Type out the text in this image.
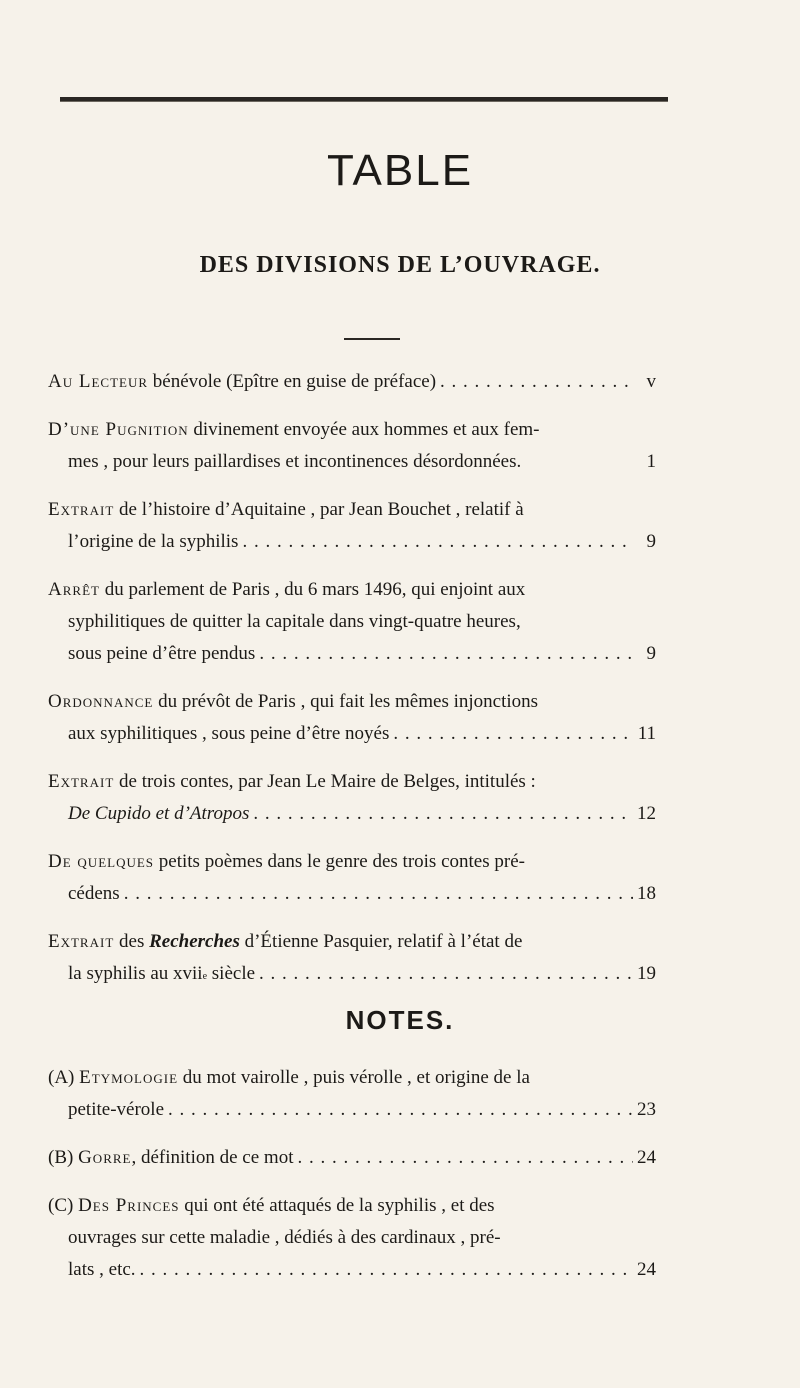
TABLE
DES DIVISIONS DE L’OUVRAGE.
Au Lecteur
bénévole (Epître en guise de préface) . . .	v
D’une Pugnition
divinement envoyée aux hommes et aux fem-
mes , pour leurs paillardises et incontinences désordonnées.	1
Extrait
de l’histoire d’Aquitaine , par Jean Bouchet , relatif à
l’origine de la syphilis . . .	9
Arrêt
du parlement de Paris , du 6 mars 1496, qui enjoint aux
syphilitiques de quitter la capitale dans vingt-quatre heures,
sous peine d’être pendus . . .	9
Ordonnance
du prévôt de Paris , qui fait les mêmes injonctions
aux syphilitiques , sous peine d’être noyés . . .	11
Extrait
de trois contes, par Jean Le Maire de Belges, intitulés :
De Cupido et d’Atropos . . .	12
De quelques
petits poèmes dans le genre des trois contes pré-
cédens . . .	18
Extrait
des
Recherches
d’Étienne Pasquier, relatif à l’état de
la syphilis au xvii e
siècle . . .	19
NOTES.
(A)
Etymologie
du mot vairolle , puis vérolle , et origine de la
petite-vérole . . .	23
(B)
Gorre , définition de ce mot . . .	24
(C)
Des Princes
qui ont été attaqués de la syphilis , et des
ouvrages sur cette maladie , dédiés à des cardinaux , pré-
lats , etc. . . .	24
